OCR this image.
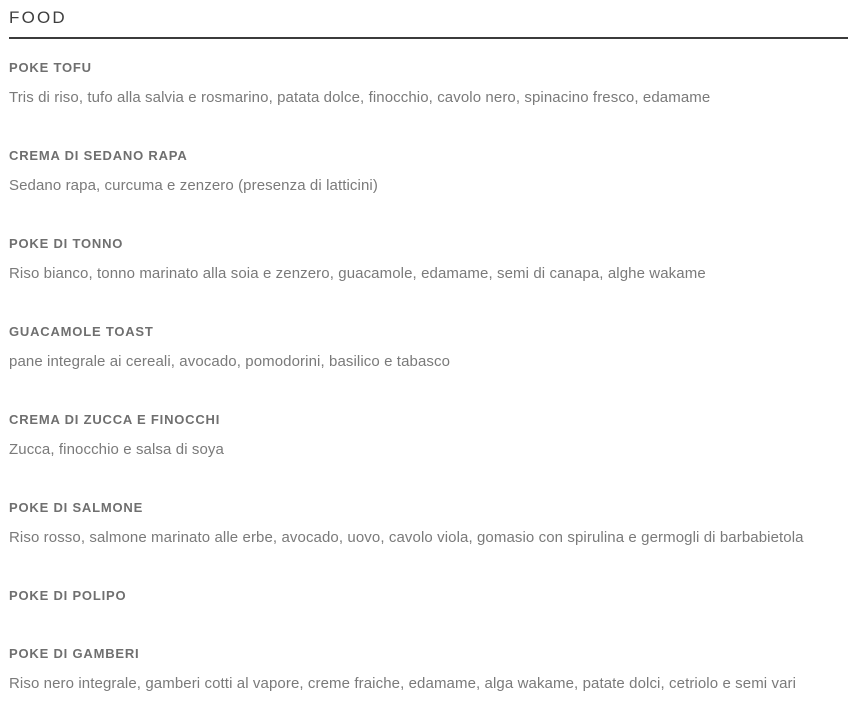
FOOD
POKE TOFU

Tris di riso, tufo alla salvia e rosmarino, patata dolce, finocchio, cavolo nero, spinacino fresco, edamame

CREMA DI SEDANO RAPA

Sedano rapa, curcuma e zenzero (presenza di latticini)

POKE DI TONNO

Riso bianco, tonno marinato alla soia e zenzero, guacamole, edamame, semi di canapa, alghe wakame

GUACAMOLE TOAST

pane integrale ai cereali, avocado, pomodorini, basilico e tabasco

CREMA DI ZUCCA E FINOCCHI

Zucca, finocchio e salsa di soya

POKE DI SALMONE

Riso rosso, salmone marinato alle erbe, avocado, uovo, cavolo viola, gomasio con spirulina e germogli di barbabietola

POKE DI POLIPO
POKE DI GAMBERI

Riso nero integrale, gamberi cotti al vapore, creme fraiche, edamame, alga wakame, patate dolci, cetriolo e semi vari
